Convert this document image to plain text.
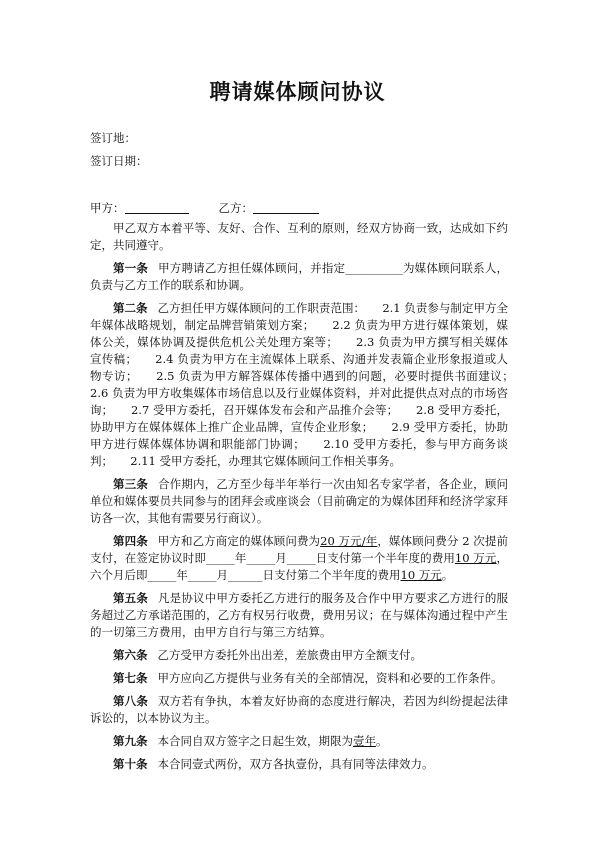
聘请媒体顾问协议
签订地：
签订日期：
甲方：	乙方：

甲乙双方本着平等、友好、合作、互利的原则，经双方协商一致，达成如下约定，共同遵守。

第一条 甲方聘请乙方担任媒体顾问，并指定__________为媒体顾问联系人，负责与乙方工作的联系和协调。

第二条 乙方担任甲方媒体顾问的工作职责范围：　　2.1 负责参与制定甲方全年媒体战略规划，制定品牌营销策划方案；　　2.2 负责为甲方进行媒体策划，媒体公关，媒体协调及提供危机公关处理方案等；　　2.3 负责为甲方撰写相关媒体宣传稿；　　2.4 负责为甲方在主流媒体上联系、沟通并发表篇企业形象报道或人物专访；　　2.5 负责为甲方解答媒体传播中遇到的问题，必要时提供书面建议；　　2.6 负责为甲方收集媒体市场信息以及行业媒体资料，并对此提供点对点的市场咨询；　　2.7 受甲方委托，召开媒体发布会和产品推介会等；　　2.8 受甲方委托，协助甲方在媒体媒体上推广企业品牌，宣传企业形象；　　2.9 受甲方委托，协助甲方进行媒体媒体协调和职能部门协调；　　2.10 受甲方委托，参与甲方商务谈判；　　2.11 受甲方委托，办理其它媒体顾问工作相关事务。

第三条 合作期内，乙方至少每半年举行一次由知名专家学者，各企业，顾问单位和媒体要员共同参与的团拜会或座谈会（目前确定的为媒体团拜和经济学家拜访各一次，其他有需要另行商议）。

第四条 甲方和乙方商定的媒体顾问费为20 万元/年，媒体顾问费分 2 次提前支付，在签定协议时即_____年_____月_____日支付第一个半年度的费用10 万元，六个月后即_____年_____月______日支付第二个半年度的费用10 万元。

第五条 凡是协议中甲方委托乙方进行的服务及合作中甲方要求乙方进行的服务超过乙方承诺范围的，乙方有权另行收费，费用另议；在与媒体沟通过程中产生的一切第三方费用，由甲方自行与第三方结算。

第六条 乙方受甲方委托外出出差，差旅费由甲方全额支付。

第七条 甲方应向乙方提供与业务有关的全部情况，资料和必要的工作条件。

第八条 双方若有争执，本着友好协商的态度进行解决，若因为纠纷提起法律诉讼的，以本协议为主。

第九条 本合同自双方签字之日起生效，期限为壹年。

第十条 本合同壹式两份，双方各执壹份，具有同等法律效力。
